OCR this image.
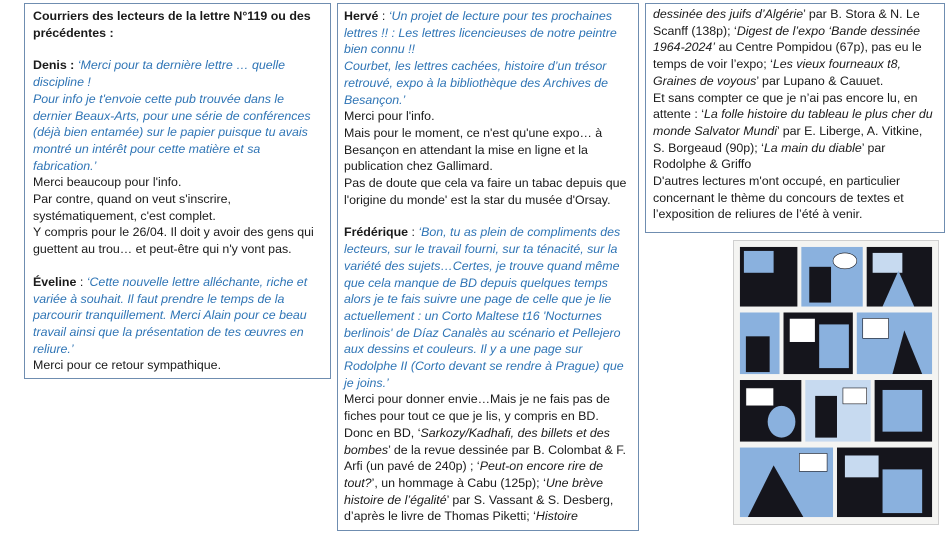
Courriers des lecteurs de la lettre N°119 ou des précédentes :

Denis : ‘Merci pour ta dernière lettre … quelle

discipline !

Pour info je t'envoie cette pub trouvée dans le

dernier Beaux-Arts, pour une série de conférences

(déjà bien entamée) sur le papier puisque tu avais

montré un intérêt pour cette matière et sa

fabrication.’

Merci beaucoup pour l'info.

Par contre, quand on veut s'inscrire,

systématiquement, c'est complet.

Y compris pour le 26/04. Il doit y avoir des gens qui

guettent au trou… et peut-être qui n'y vont pas.

Éveline : ‘Cette nouvelle lettre alléchante, riche et

variée à souhait. Il faut prendre le temps de la

parcourir tranquillement. Merci Alain pour ce beau

travail ainsi que la présentation de tes œuvres en

reliure.’

Merci pour ce retour sympathique.

Hervé : ‘Un projet de lecture pour tes prochaines

lettres !! : Les lettres licencieuses de notre peintre

bien connu !!

Courbet, les lettres cachées, histoire d’un trésor

retrouvé, expo à la bibliothèque des Archives de

Besançon.’

Merci pour l'info.

Mais pour le moment, ce n'est qu'une expo… à

Besançon en attendant la mise en ligne et la

publication chez Gallimard.

Pas de doute que cela va faire un tabac depuis que

l'origine du monde' est la star du musée d'Orsay.

Frédérique : ‘Bon, tu as plein de compliments des

lecteurs, sur le travail fourni, sur ta ténacité, sur la

variété des sujets…Certes, je trouve quand même

que cela manque de BD depuis quelques temps

alors je te fais suivre une page de celle que je lie

actuellement : un Corto Maltese t16 'Nocturnes

berlinois' de Díaz Canalès au scénario et Pellejero

aux dessins et couleurs. Il y a une page sur

Rodolphe II (Corto devant se rendre à Prague) que

je joins.’

Merci pour donner envie…Mais je ne fais pas de

fiches pour tout ce que je lis, y compris en BD.

Donc en BD, ‘Sarkozy/Kadhafi, des billets et des

bombes’ de la revue dessinée par B. Colombat & F.

Arfi (un pavé de 240p) ; ‘Peut-on encore rire de

tout?’, un hommage à Cabu (125p); ‘Une brève

histoire de l’égalité’ par S. Vassant & S. Desberg,

d’après le livre de Thomas Piketti; ‘Histoire

dessinée des juifs d’Algérie’ par B. Stora & N. Le

Scanff (138p); ‘Digest de l’expo ‘Bande dessinée

1964-2024’ au Centre Pompidou (67p), pas eu le

temps de voir l’expo; ‘Les vieux fourneaux t8,

Graines de voyous’ par Lupano & Cauuet.

Et sans compter ce que je n’ai pas encore lu, en

attente : ‘La folle histoire du tableau le plus cher du

monde Salvator Mundi’ par E. Liberge, A. Vitkine,

S. Borgeaud (90p); ‘La main du diable’ par

Rodolphe & Griffo

D'autres lectures m'ont occupé, en particulier

concernant le thème du concours de textes et

l’exposition de reliures de l’été à venir.
